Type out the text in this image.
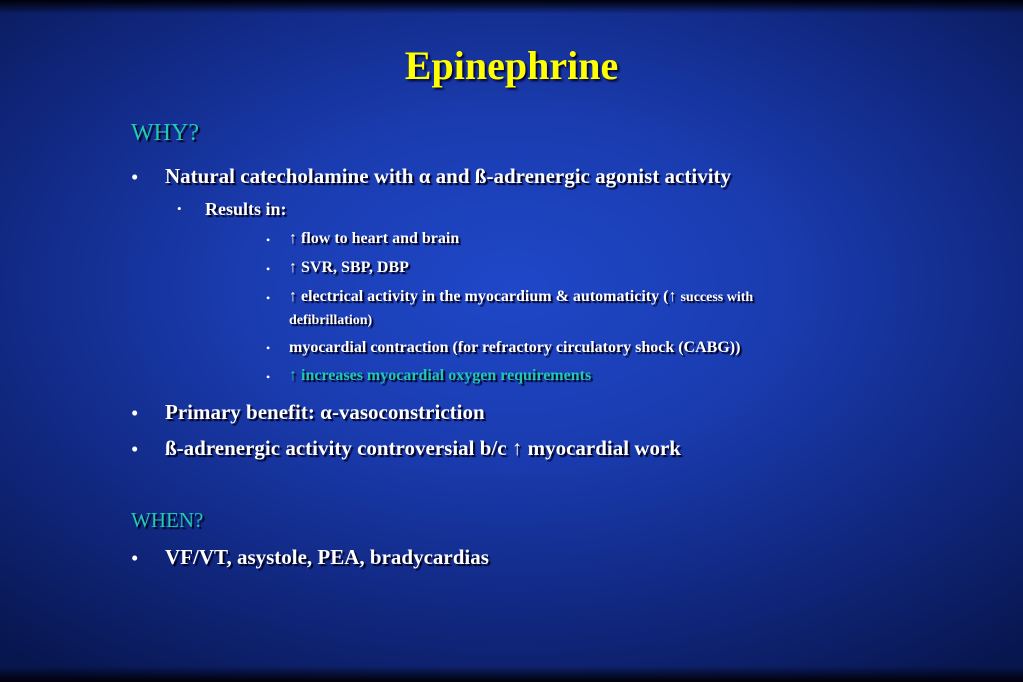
Epinephrine
WHY?
• Natural catecholamine with α and ß-adrenergic agonist activity
• Results in:
• ↑ flow to heart and brain
• ↑ SVR, SBP, DBP
• ↑ electrical activity in the myocardium & automaticity (↑ success with
defibrillation)
• myocardial contraction (for refractory circulatory shock (CABG))
• ↑ increases myocardial oxygen requirements
• Primary benefit: α-vasoconstriction
• ß-adrenergic activity controversial b/c ↑ myocardial work
WHEN?
• VF/VT, asystole, PEA, bradycardias
